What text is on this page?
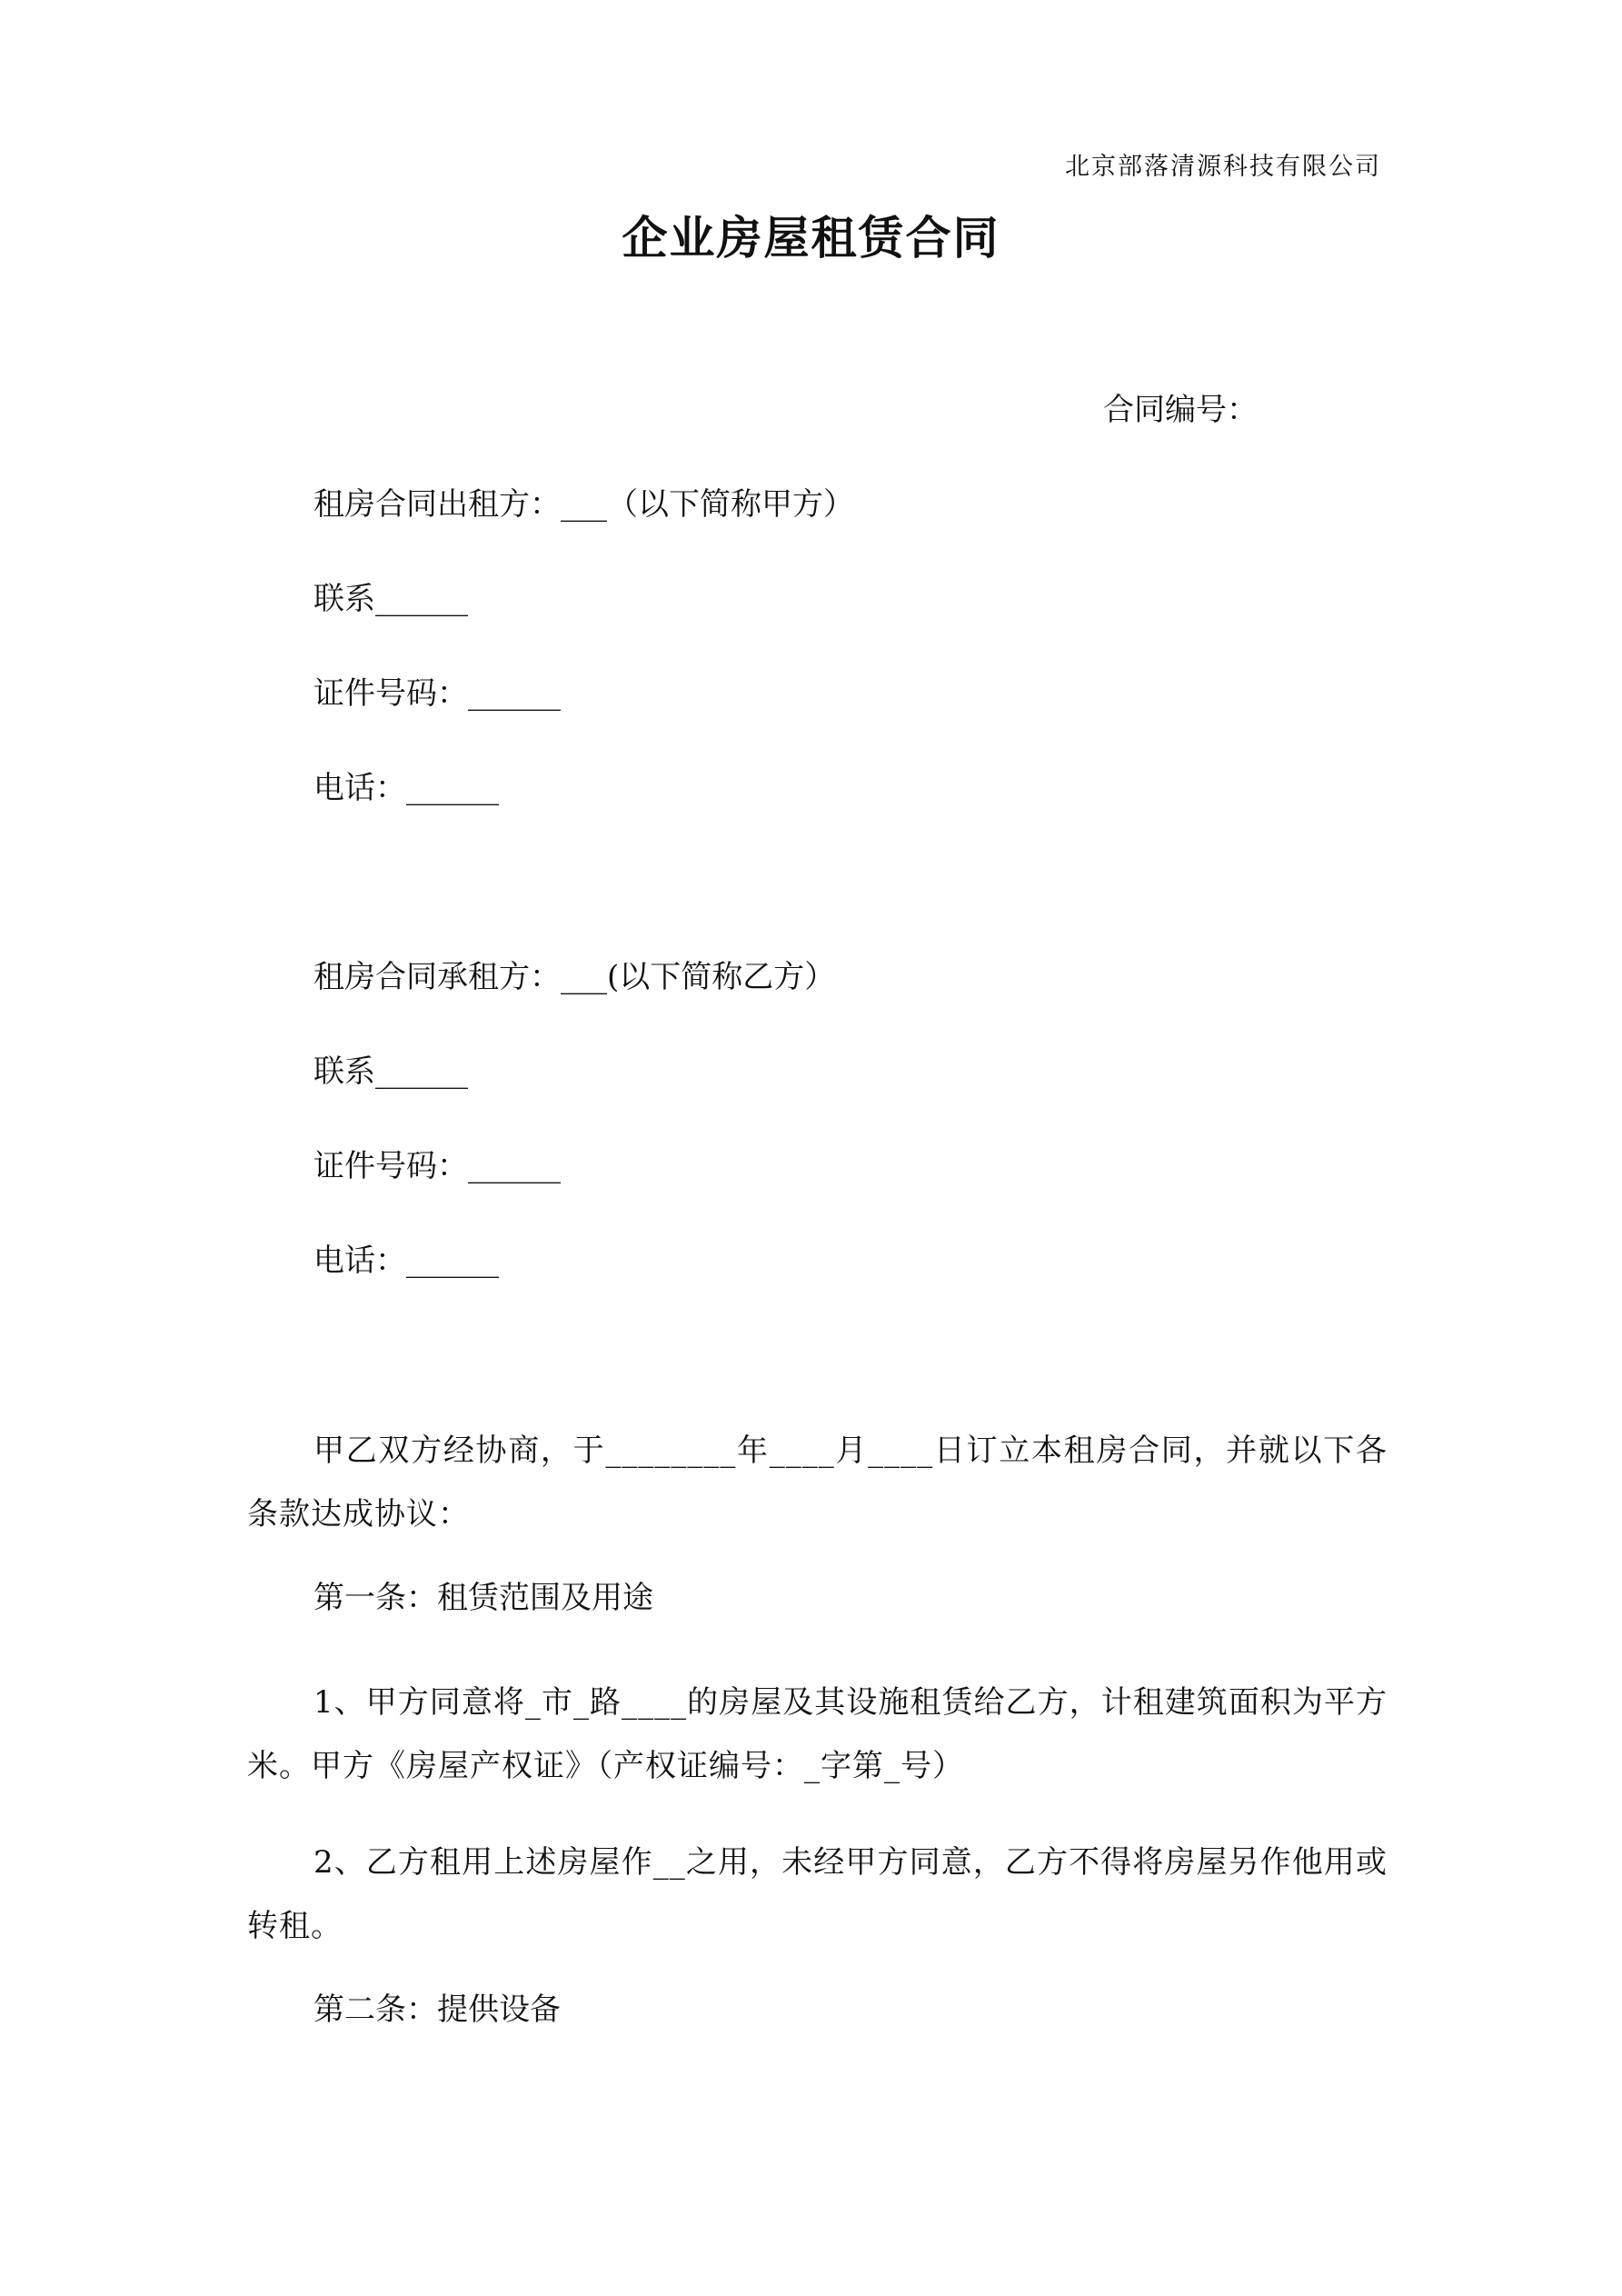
北京部落清源科技有限公司
企业房屋租赁合同
合同编号：
租房合同出租方：___（以下简称甲方）
联系______
证件号码：______
电话：______
租房合同承租方：___(以下简称乙方）
联系______
证件号码：______
电话：______

甲乙双方经协商，于________年____月____日订立本租房合同，并就以下各条款达成协议：

第一条：租赁范围及用途

1、甲方同意将_市_路____的房屋及其设施租赁给乙方，计租建筑面积为平方米。甲方《房屋产权证》（产权证编号：_字第_号）

2、乙方租用上述房屋作__之用，未经甲方同意，乙方不得将房屋另作他用或转租。

第二条：提供设备
